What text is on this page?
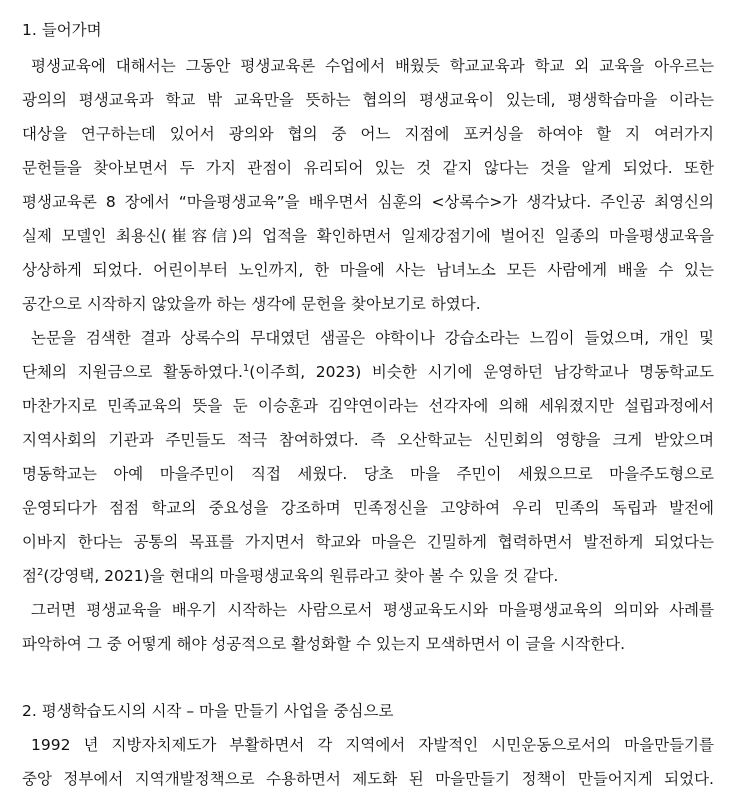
1. 들어가며
평생교육에 대해서는 그동안 평생교육론 수업에서 배웠듯 학교교육과 학교 외 교육을 아우르는
광의의 평생교육과 학교 밖 교육만을 뜻하는 협의의 평생교육이 있는데, 평생학습마을 이라는
대상을 연구하는데 있어서 광의와 협의 중 어느 지점에 포커싱을 하여야 할 지 여러가지
문헌들을 찾아보면서 두 가지 관점이 유리되어 있는 것 같지 않다는 것을 알게 되었다. 또한
평생교육론 8 장에서 “마을평생교육”을 배우면서 심훈의 <상록수>가 생각났다. 주인공 최영신의
실제 모델인 최용신(崔容信)의 업적을 확인하면서 일제강점기에 벌어진 일종의 마을평생교육을
상상하게 되었다. 어린이부터 노인까지, 한 마을에 사는 남녀노소 모든 사람에게 배울 수 있는
공간으로 시작하지 않았을까 하는 생각에 문헌을 찾아보기로 하였다.
논문을 검색한 결과 상록수의 무대였던 샘골은 야학이나 강습소라는 느낌이 들었으며, 개인 및
단체의 지원금으로 활동하였다.$^1$(이주희, 2023) 비슷한 시기에 운영하던 남강학교나 명동학교도
마찬가지로 민족교육의 뜻을 둔 이승훈과 김약연이라는 선각자에 의해 세워졌지만 설립과정에서
지역사회의 기관과 주민들도 적극 참여하였다. 즉 오산학교는 신민회의 영향을 크게 받았으며
명동학교는 아예 마을주민이 직접 세웠다. 당초 마을 주민이 세웠으므로 마을주도형으로
운영되다가 점점 학교의 중요성을 강조하며 민족정신을 고양하여 우리 민족의 독립과 발전에
이바지 한다는 공통의 목표를 가지면서 학교와 마을은 긴밀하게 협력하면서 발전하게 되었다는
점$^2$(강영택, 2021)을 현대의 마을평생교육의 원류라고 찾아 볼 수 있을 것 같다.
그러면 평생교육을 배우기 시작하는 사람으로서 평생교육도시와 마을평생교육의 의미와 사례를
파악하여 그 중 어떻게 해야 성공적으로 활성화할 수 있는지 모색하면서 이 글을 시작한다.
2. 평생학습도시의 시작 – 마을 만들기 사업을 중심으로
1992 년 지방자치제도가 부활하면서 각 지역에서 자발적인 시민운동으로서의 마을만들기를
중앙 정부에서 지역개발정책으로 수용하면서 제도화 된 마을만들기 정책이 만들어지게 되었다.
